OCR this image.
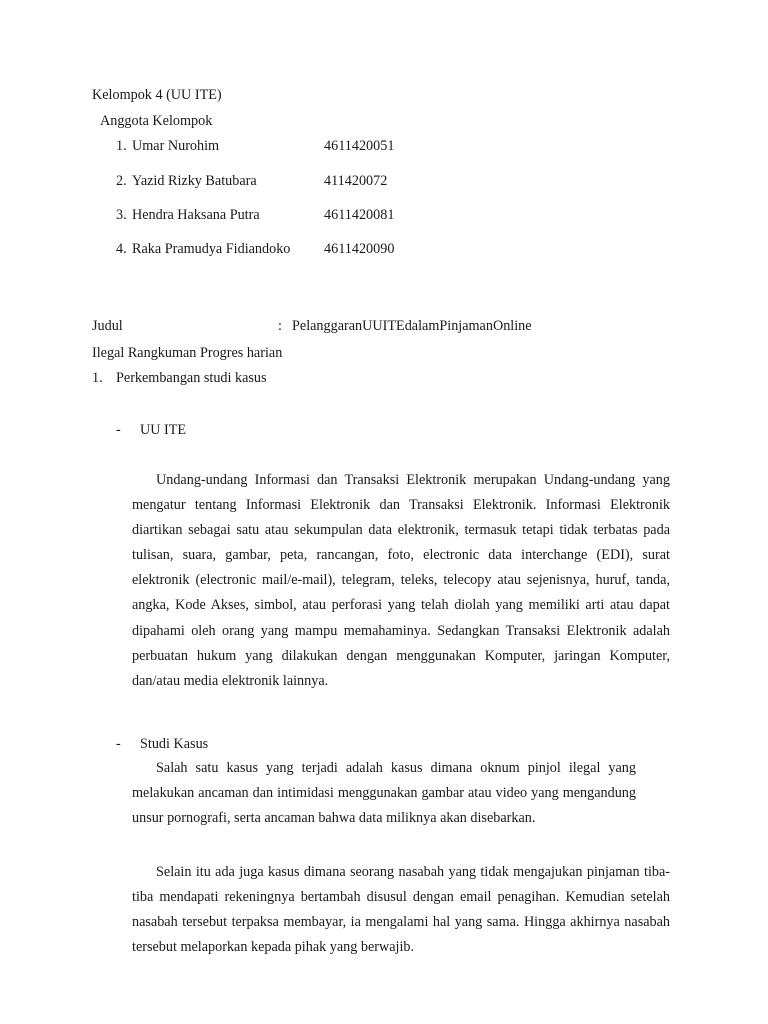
Kelompok 4 (UU ITE)
Anggota Kelompok
1. Umar Nurohim	4611420051
2. Yazid Rizky Batubara	411420072
3. Hendra Haksana Putra	4611420081
4. Raka Pramudya Fidiandoko 4611420090
Judul	: Pelanggaran UU ITE dalam Pinjaman Online
Ilegal Rangkuman Progres harian
1. Perkembangan studi kasus
- UU ITE
Undang-undang Informasi dan Transaksi Elektronik merupakan Undang-undang yang mengatur tentang Informasi Elektronik dan Transaksi Elektronik. Informasi Elektronik diartikan sebagai satu atau sekumpulan data elektronik, termasuk tetapi tidak terbatas pada tulisan, suara, gambar, peta, rancangan, foto, electronic data interchange (EDI), surat elektronik (electronic mail/e-mail), telegram, teleks, telecopy atau sejenisnya, huruf, tanda, angka, Kode Akses, simbol, atau perforasi yang telah diolah yang memiliki arti atau dapat dipahami oleh orang yang mampu memahaminya. Sedangkan Transaksi Elektronik adalah perbuatan hukum yang dilakukan dengan menggunakan Komputer, jaringan Komputer, dan/atau media elektronik lainnya.
- Studi Kasus
Salah satu kasus yang terjadi adalah kasus dimana oknum pinjol ilegal yang melakukan ancaman dan intimidasi menggunakan gambar atau video yang mengandung unsur pornografi, serta ancaman bahwa data miliknya akan disebarkan.
Selain itu ada juga kasus dimana seorang nasabah yang tidak mengajukan pinjaman tiba-tiba mendapati rekeningnya bertambah disusul dengan email penagihan. Kemudian setelah nasabah tersebut terpaksa membayar, ia mengalami hal yang sama. Hingga akhirnya nasabah tersebut melaporkan kepada pihak yang berwajib.
